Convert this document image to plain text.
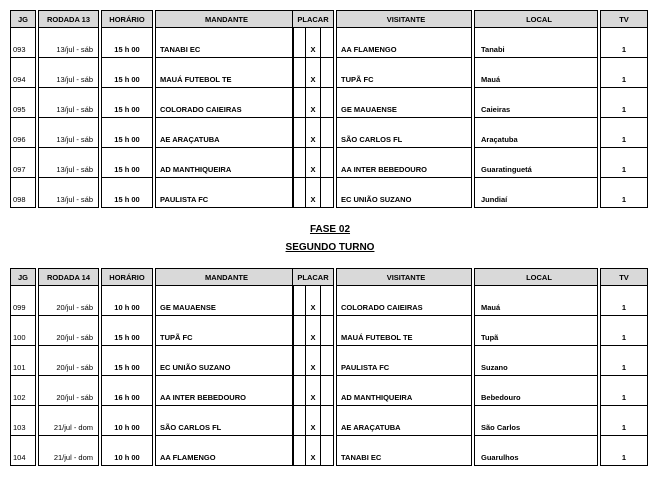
JG	RODADA 13	HORÁRIO	MANDANTE	PLACAR	VISITANTE	LOCAL	TV
093	13/jul - sáb	15 h 00	TANABI EC	X	AA FLAMENGO	Tanabi	1
094	13/jul - sáb	15 h 00	MAUÁ FUTEBOL TE	X	TUPÃ FC	Mauá	1
095	13/jul - sáb	15 h 00	COLORADO CAIEIRAS	X	GE MAUAENSE	Caieiras	1
096	13/jul - sáb	15 h 00	AE ARAÇATUBA	X	SÃO CARLOS FL	Araçatuba	1
097	13/jul - sáb	15 h 00	AD MANTHIQUEIRA	X	AA INTER BEBEDOURO	Guaratinguetá	1
098	13/jul - sáb	15 h 00	PAULISTA FC	X	EC UNIÃO SUZANO	Jundiaí	1
FASE 02
SEGUNDO TURNO
JG	RODADA 14	HORÁRIO	MANDANTE	PLACAR	VISITANTE	LOCAL	TV
099	20/jul - sáb	10 h 00	GE MAUAENSE	X	COLORADO CAIEIRAS	Mauá	1
100	20/jul - sáb	15 h 00	TUPÃ FC	X	MAUÁ FUTEBOL TE	Tupã	1
101	20/jul - sáb	15 h 00	EC UNIÃO SUZANO	X	PAULISTA FC	Suzano	1
102	20/jul - sáb	16 h 00	AA INTER BEBEDOURO	X	AD MANTHIQUEIRA	Bebedouro	1
103	21/jul - dom	10 h 00	SÃO CARLOS FL	X	AE ARAÇATUBA	São Carlos	1
104	21/jul - dom	10 h 00	AA FLAMENGO	X	TANABI EC	Guarulhos	1
